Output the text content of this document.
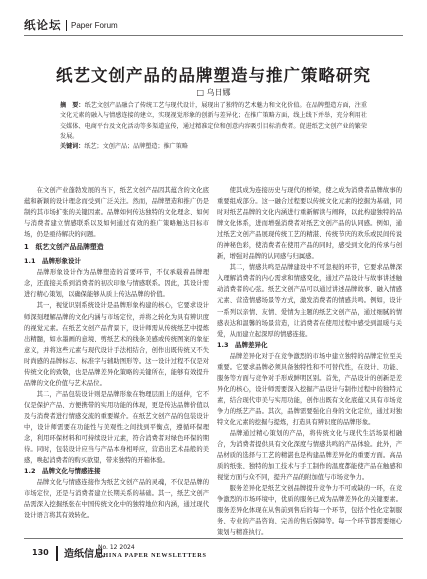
纸论坛 Paper Forum
纸艺文创产品的品牌塑造与推广策略研究
□ 乌日娜

摘　要：纸艺文创产品融合了传统工艺与现代设计，展现出了独特的艺术魅力和文化价值。在品牌塑造方面，注重文化元素的融入与情感连接的建立，实现视觉形象的创新与差异化；在推广策略方面，线上线下并举，充分利用社交媒体、电商平台及文化活动等多渠道宣传，通过精准定位和创意内容吸引目标消费者。促进纸艺文创产业的繁荣发展。

关键词：纸艺；文创产品；品牌塑造；推广策略

在文创产业蓬勃发展的当下，纸艺文创产品因其蕴含的文化底蕴和新颖的设计理念而受到广泛关注。然而，品牌塑造和推广仍是制约其市场扩张的关键因素。品牌如何传达独特的文化理念、如何与消费者建立情感联系以及如何通过有效的推广策略触达目标市场，仍是亟待解决的问题。

1　纸艺文创产品品牌塑造

1.1　品牌形象设计

品牌形象设计作为品牌塑造的首要环节，不仅承载着品牌理念，还直接关系到消费者的初次印象与情感联系。因此，其设计需进行精心策划，以确保能够从质上传达品牌的价值。

其一，视觉识别系统设计是品牌形象构建的核心，它要求设计师深刻理解品牌的文化内涵与市场定位，并将之转化为具有辨识度的视觉元素。在纸艺文创产品背景下，设计师需从传统纸艺中提炼出精髓，如水墨画的意境、剪纸艺术的线条美感或传统图案的象征意义，并将这些元素与现代设计手法相结合，创作出既传统又不失时尚感的品牌标志、标准字与辅助图形等。这一设计过程不仅是对传统文化的致敬，也是品牌差异化策略的关键所在，能够有效提升品牌的文化价值与艺术品位。

其二，产品包装设计则是品牌形象在物理层面上的延伸，它不仅是保护产品、方便携带的实用功能的体现，更是传达品牌价值以及与消费者进行情感交流的重要媒介。在纸艺文创产品的包装设计中，设计师需要在功能性与美观性之间找到平衡点，遵循环保理念，利用环保材料和可持续设计元素，符合消费者对绿色环保的期待。同时，包装设计应当与产品本身相呼应，营造出艺术品般的美感，唤起消费者的购买欲望，带来独特的开箱体验。

1.2　品牌文化与情感连接

品牌文化与情感连接作为纸艺文创产品的灵魂，不仅是品牌的市场定位，还是与消费者建立长期关系的基础。其一，纸艺文创产品需深入挖掘纸张在中国传统文化中的独特地位和内涵，通过现代设计语言将其有效转化。

使其成为连接历史与现代的桥梁，使之成为消费者品牌故事的重要组成部分。这一融合过程要以传统文化元素的挖掘为基础，同时对纸艺品牌的文化内涵进行重新解读与阐释，以此构建独特的品牌文化体系，进而增强消费者对纸艺文创产品的认同感。例如，通过纸艺文创产品展现传统工艺的精湛、传统节庆的欢乐或民间传说的神秘色彩，使消费者在使用产品的同时，感受到文化的传承与创新，增强对品牌的认同感与归属感。

其二，情感共鸣是品牌建设中不可忽视的环节，它要求品牌深入理解消费者的内心需求和情感变化，通过产品设计与故事讲述触动消费者的心弦。纸艺文创产品可以通过讲述品牌故事、融入情感元素、营造情感场景等方式，激发消费者的情感共鸣。例如，设计一系列以亲情、友情、爱情为主题的纸艺文创产品，通过细腻的情感表达和温馨的场景营造，让消费者在使用过程中感受到温暖与关爱，从而建立起深厚的情感连接。

1.3　品牌差异化

品牌差异化对于在竞争激烈的市场中建立独特的品牌定位至关重要。它要求品牌必须具备独特性和不可替代性，在设计、功能、服务等方面与竞争对手形成鲜明区别。首先，产品设计的创新是差异化的核心，设计师需要深入挖掘产品设计与制作过程中的独特元素，结合现代审美与实用功能，创作出既有文化底蕴又具有市场竞争力的纸艺产品。其次，品牌需要强化自身的文化定位，通过对独特文化元素的挖掘与提炼，打造具有辨识度的品牌形象。

品牌通过精心策划的产品，将传统文化与现代生活场景相融合，为消费者提供具有文化深度与情感共鸣的产品体验。此外，产品材质的选择与工艺的精湛也是构建品牌差异化的重要方面。高品质的纸张、独特的加工技术与手工制作的温度都能使产品在触感和视觉方面与众不同，提升产品的附加值与市场竞争力。

服务差异化是纸艺文创品牌提升竞争力不可或缺的一环，在竞争激烈的市场环境中，优质的服务已成为品牌差异化的关键要素。服务差异化体现在从售前到售后的每一个环节，包括个性化定制服务、专业的产品咨询、完善的售后保障等。每一个环节都需要细心策划与精准执行。

130 造纸信息
No. 12 2024
CHINA PAPER NEWSLETTERS
